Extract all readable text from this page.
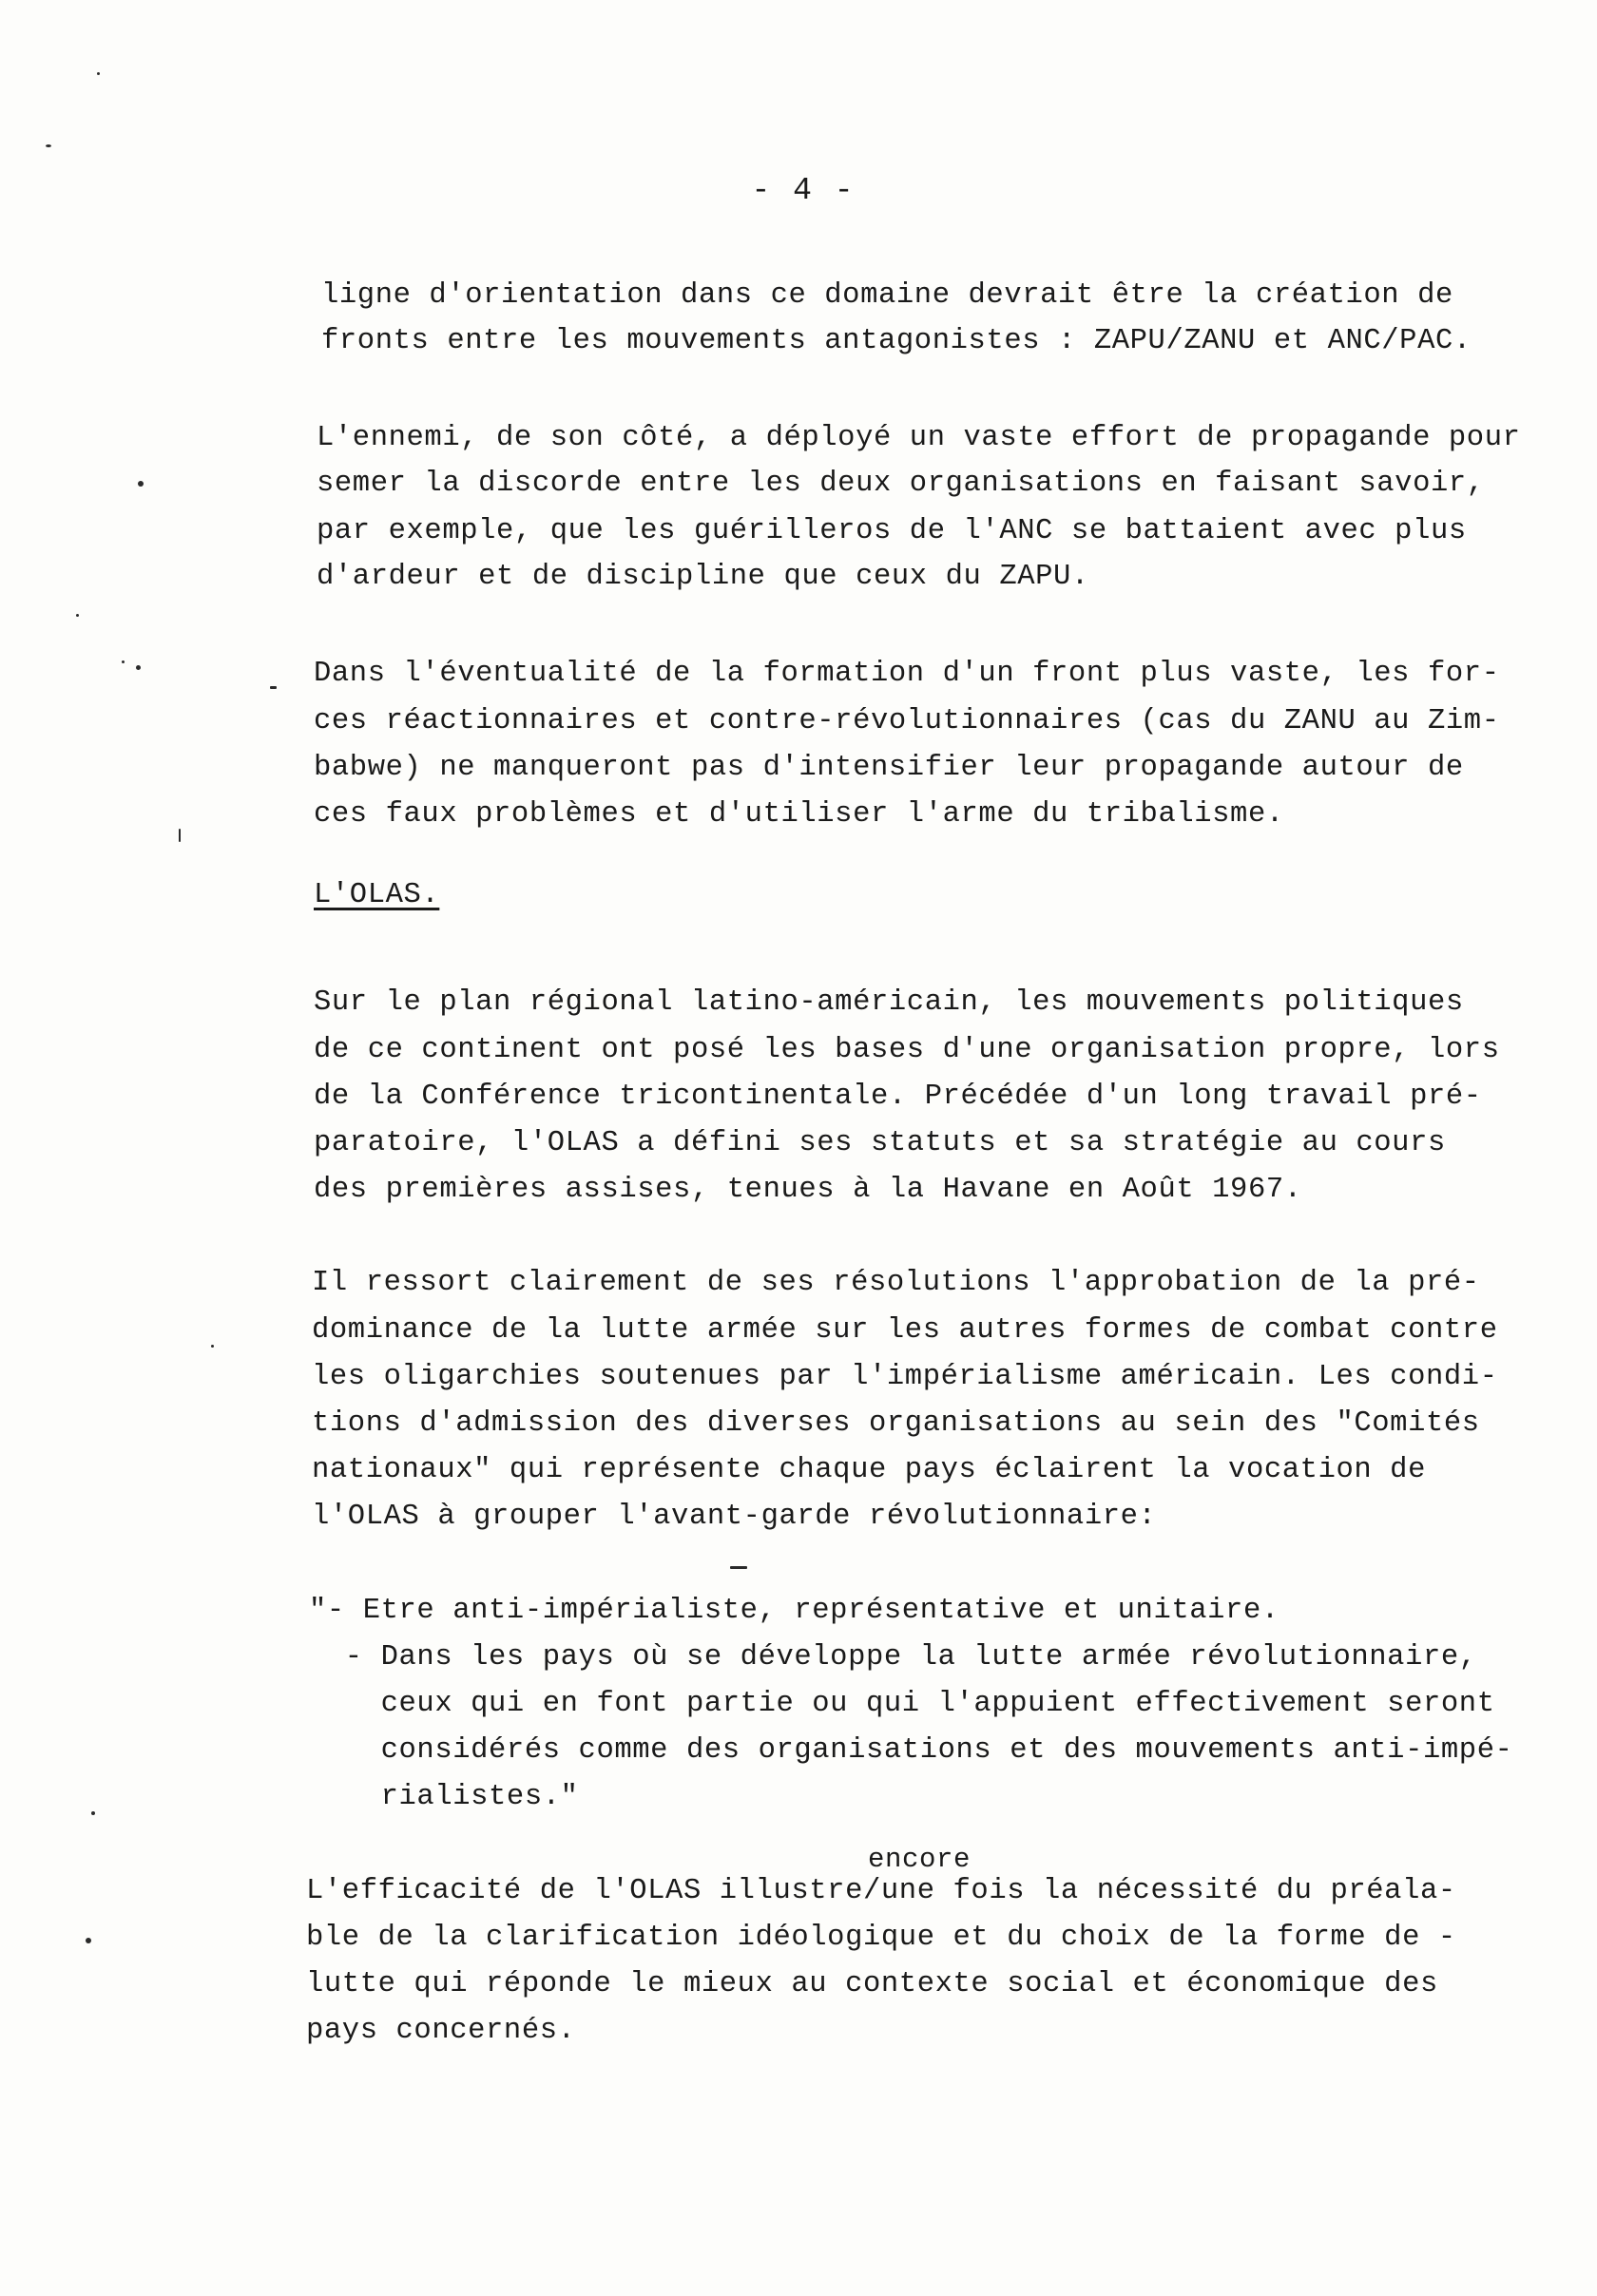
- 4 -
ligne d'orientation dans ce domaine devrait être la création de
fronts entre les mouvements antagonistes : ZAPU/ZANU et ANC/PAC.
L'ennemi, de son côté, a déployé un vaste effort de propagande pour
semer la discorde entre les deux organisations en faisant savoir,
par exemple, que les guérilleros de l'ANC se battaient avec plus
d'ardeur et de discipline que ceux du ZAPU.
Dans l'éventualité de la formation d'un front plus vaste, les for-
ces réactionnaires et contre-révolutionnaires (cas du ZANU au Zim-
babwe) ne manqueront pas d'intensifier leur propagande autour de
ces faux problèmes et d'utiliser l'arme du tribalisme.
L'OLAS.
Sur le plan régional latino-américain, les mouvements politiques
de ce continent ont posé les bases d'une organisation propre, lors
de la Conférence tricontinentale. Précédée d'un long travail pré-
paratoire, l'OLAS a défini ses statuts et sa stratégie au cours
des premières assises, tenues à la Havane en Août 1967.
Il ressort clairement de ses résolutions l'approbation de la pré-
dominance de la lutte armée sur les autres formes de combat contre
les oligarchies soutenues par l'impérialisme américain. Les condi-
tions d'admission des diverses organisations au sein des "Comités
nationaux" qui représente chaque pays éclairent la vocation de
l'OLAS à grouper l'avant-garde révolutionnaire:
"- Etre anti-impérialiste, représentative et unitaire.
- Dans les pays où se développe la lutte armée révolutionnaire,
ceux qui en font partie ou qui l'appuient effectivement seront
considérés comme des organisations et des mouvements anti-impé-
rialistes."
encore
L'efficacité de l'OLAS illustre/une fois la nécessité du préala-
ble de la clarification idéologique et du choix de la forme de -
lutte qui réponde le mieux au contexte social et économique des
pays concernés.
